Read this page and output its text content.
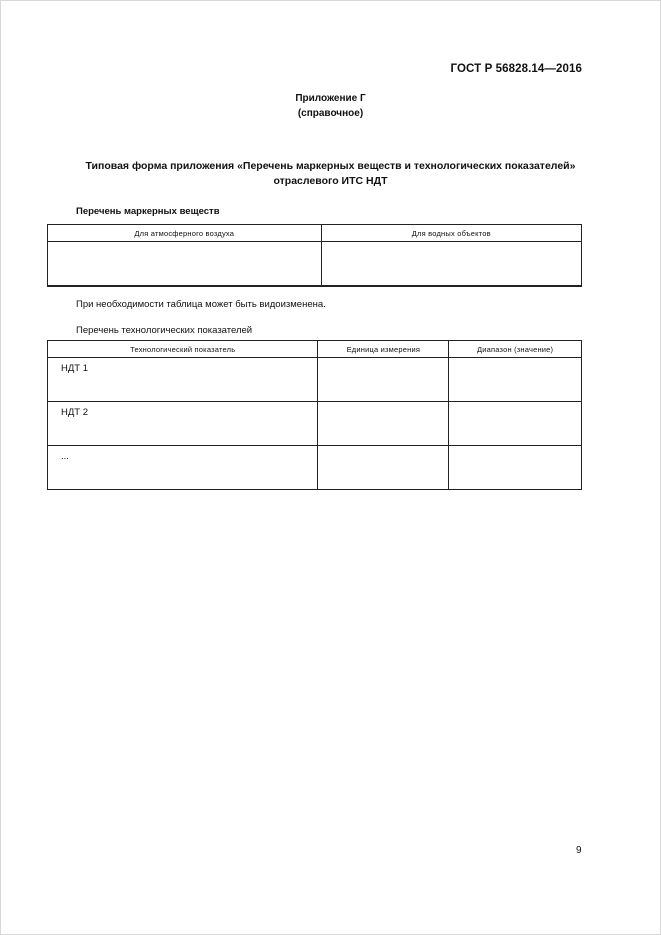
ГОСТ Р 56828.14—2016
Приложение Г
(справочное)
Типовая форма приложения «Перечень маркерных веществ и технологических показателей»
отраслевого ИТС НДТ
Перечень маркерных веществ
Для атмосферного воздуха	Для водных объектов

При необходимости таблица может быть видоизменена.
Перечень технологических показателей
Технологический показатель	Единица измерения	Диапазон (значение)
НДТ 1		
НДТ 2		
...		
9
